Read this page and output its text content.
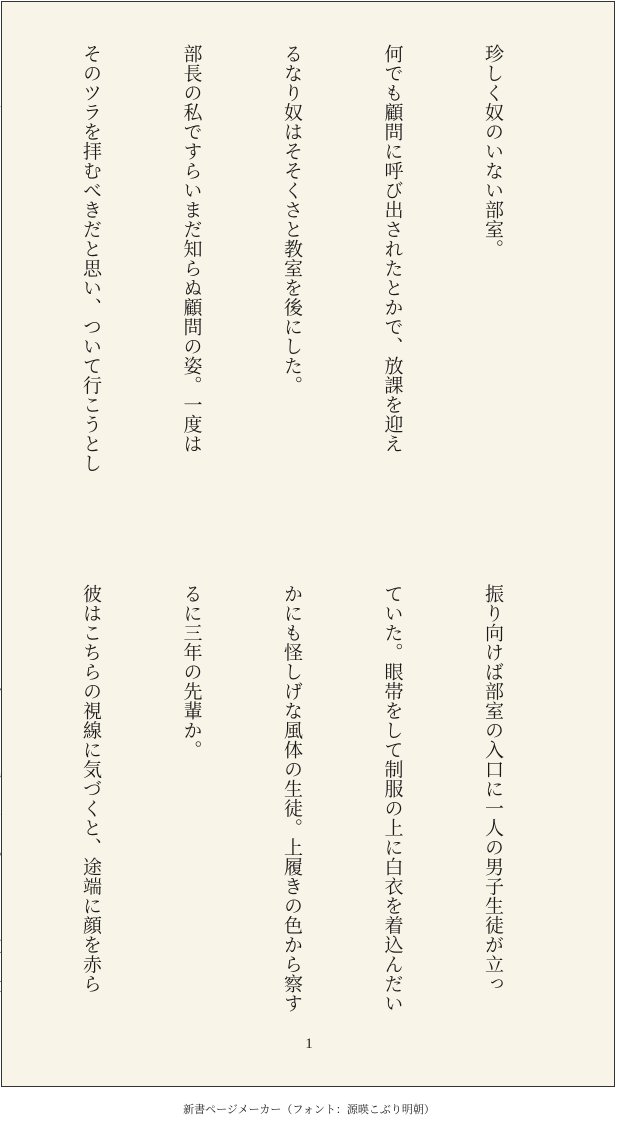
珍しく奴のいない部室。

何でも顧問に呼び出されたとかで、放課を迎え

るなり奴はそそくさと教室を後にした。

部長の私ですらいまだ知らぬ顧問の姿。一度は

そのツラを拝むべきだと思い、ついて行こうとし

振り向けば部室の入口に一人の男子生徒が立っ

ていた。眼帯をして制服の上に白衣を着込んだい

かにも怪しげな風体の生徒。上履きの色から察す

るに三年の先輩か。

彼はこちらの視線に気づくと、途端に顔を赤ら

1
新書ページメーカー（フォント：源暎こぶり明朝）
